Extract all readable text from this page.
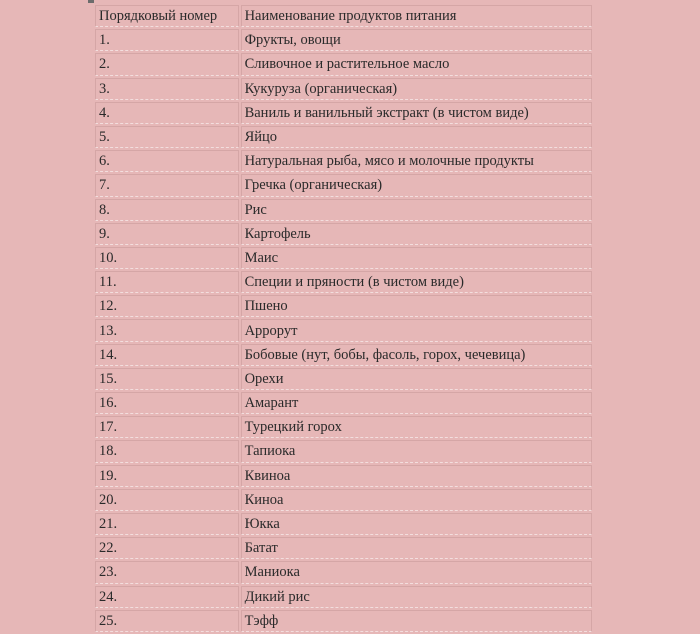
Порядковый номер	Наименование продуктов питания
1.	Фрукты, овощи
2.	Сливочное и растительное масло
3.	Кукуруза (органическая)
4.	Ваниль и ванильный экстракт (в чистом виде)
5.	Яйцо
6.	Натуральная рыба, мясо и молочные продукты
7.	Гречка (органическая)
8.	Рис
9.	Картофель
10.	Маис
11.	Специи и пряности (в чистом виде)
12.	Пшено
13.	Аррорут
14.	Бобовые (нут, бобы, фасоль, горох, чечевица)
15.	Орехи
16.	Амарант
17.	Турецкий горох
18.	Тапиока
19.	Квиноа
20.	Киноа
21.	Юкка
22.	Батат
23.	Маниока
24.	Дикий рис
25.	Тэфф
